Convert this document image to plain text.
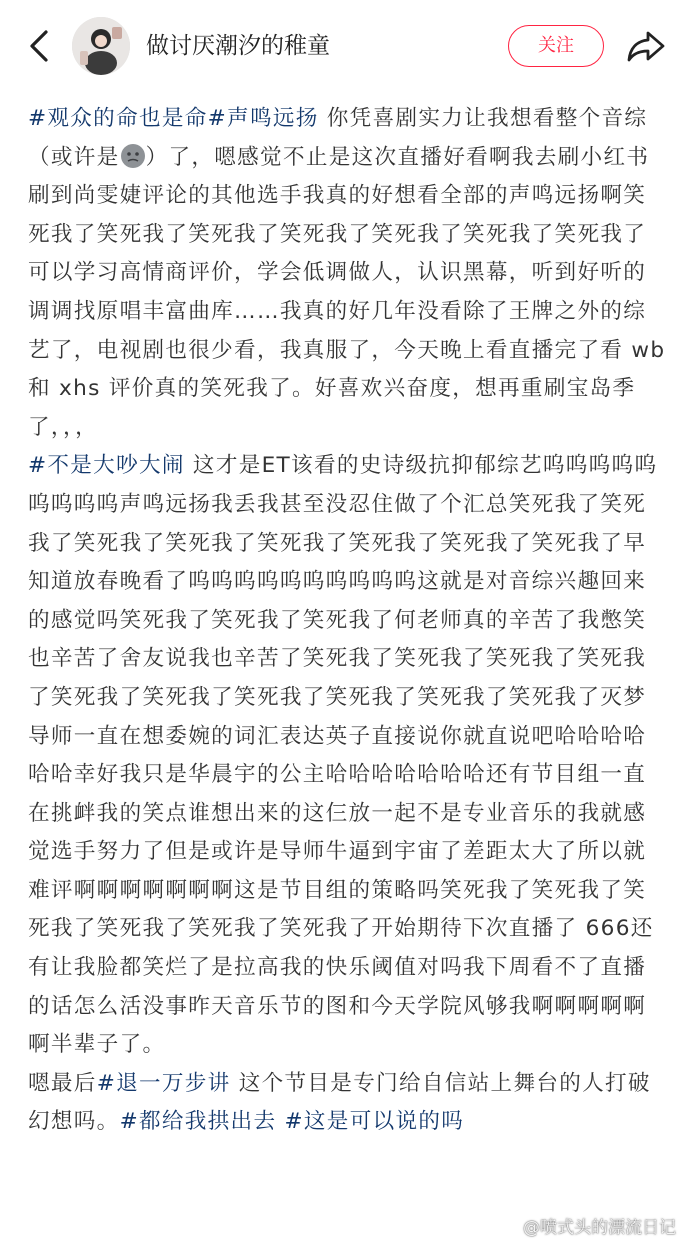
做讨厌潮汐的稚童	关注

#观众的命也是命#声鸣远扬 你凭喜剧实力让我想看整个音综（或许是 ）了，嗯感觉不止是这次直播好看啊我去刷小红书刷到尚雯婕评论的其他选手我真的好想看全部的声鸣远扬啊笑死我了笑死我了笑死我了笑死我了笑死我了笑死我了笑死我了可以学习高情商评价，学会低调做人，认识黑幕，听到好听的调调找原唱丰富曲库……我真的好几年没看除了王牌之外的综艺了，电视剧也很少看，我真服了，今天晚上看直播完了看 wb 和 xhs 评价真的笑死我了。好喜欢兴奋度，想再重刷宝岛季了，，，

#不是大吵大闹 这才是ET该看的史诗级抗抑郁综艺呜呜呜呜呜呜呜呜呜声鸣远扬我丢我甚至没忍住做了个汇总笑死我了笑死我了笑死我了笑死我了笑死我了笑死我了笑死我了笑死我了早知道放春晚看了呜呜呜呜呜呜呜呜呜呜这就是对音综兴趣回来的感觉吗笑死我了笑死我了笑死我了何老师真的辛苦了我憋笑也辛苦了舍友说我也辛苦了笑死我了笑死我了笑死我了笑死我了笑死我了笑死我了笑死我了笑死我了笑死我了笑死我了灭梦导师一直在想委婉的词汇表达英子直接说你就直说吧哈哈哈哈哈哈幸好我只是华晨宇的公主哈哈哈哈哈哈哈还有节目组一直在挑衅我的笑点谁想出来的这仨放一起不是专业音乐的我就感觉选手努力了但是或许是导师牛逼到宇宙了差距太大了所以就难评啊啊啊啊啊啊啊这是节目组的策略吗笑死我了笑死我了笑死我了笑死我了笑死我了笑死我了开始期待下次直播了 666还有让我脸都笑烂了是拉高我的快乐阈值对吗我下周看不了直播的话怎么活没事昨天音乐节的图和今天学院风够我啊啊啊啊啊啊半辈子了。

嗯最后#退一万步讲 这个节目是专门给自信站上舞台的人打破幻想吗。#都给我拱出去 #这是可以说的吗

@喷式头的漂流日记
